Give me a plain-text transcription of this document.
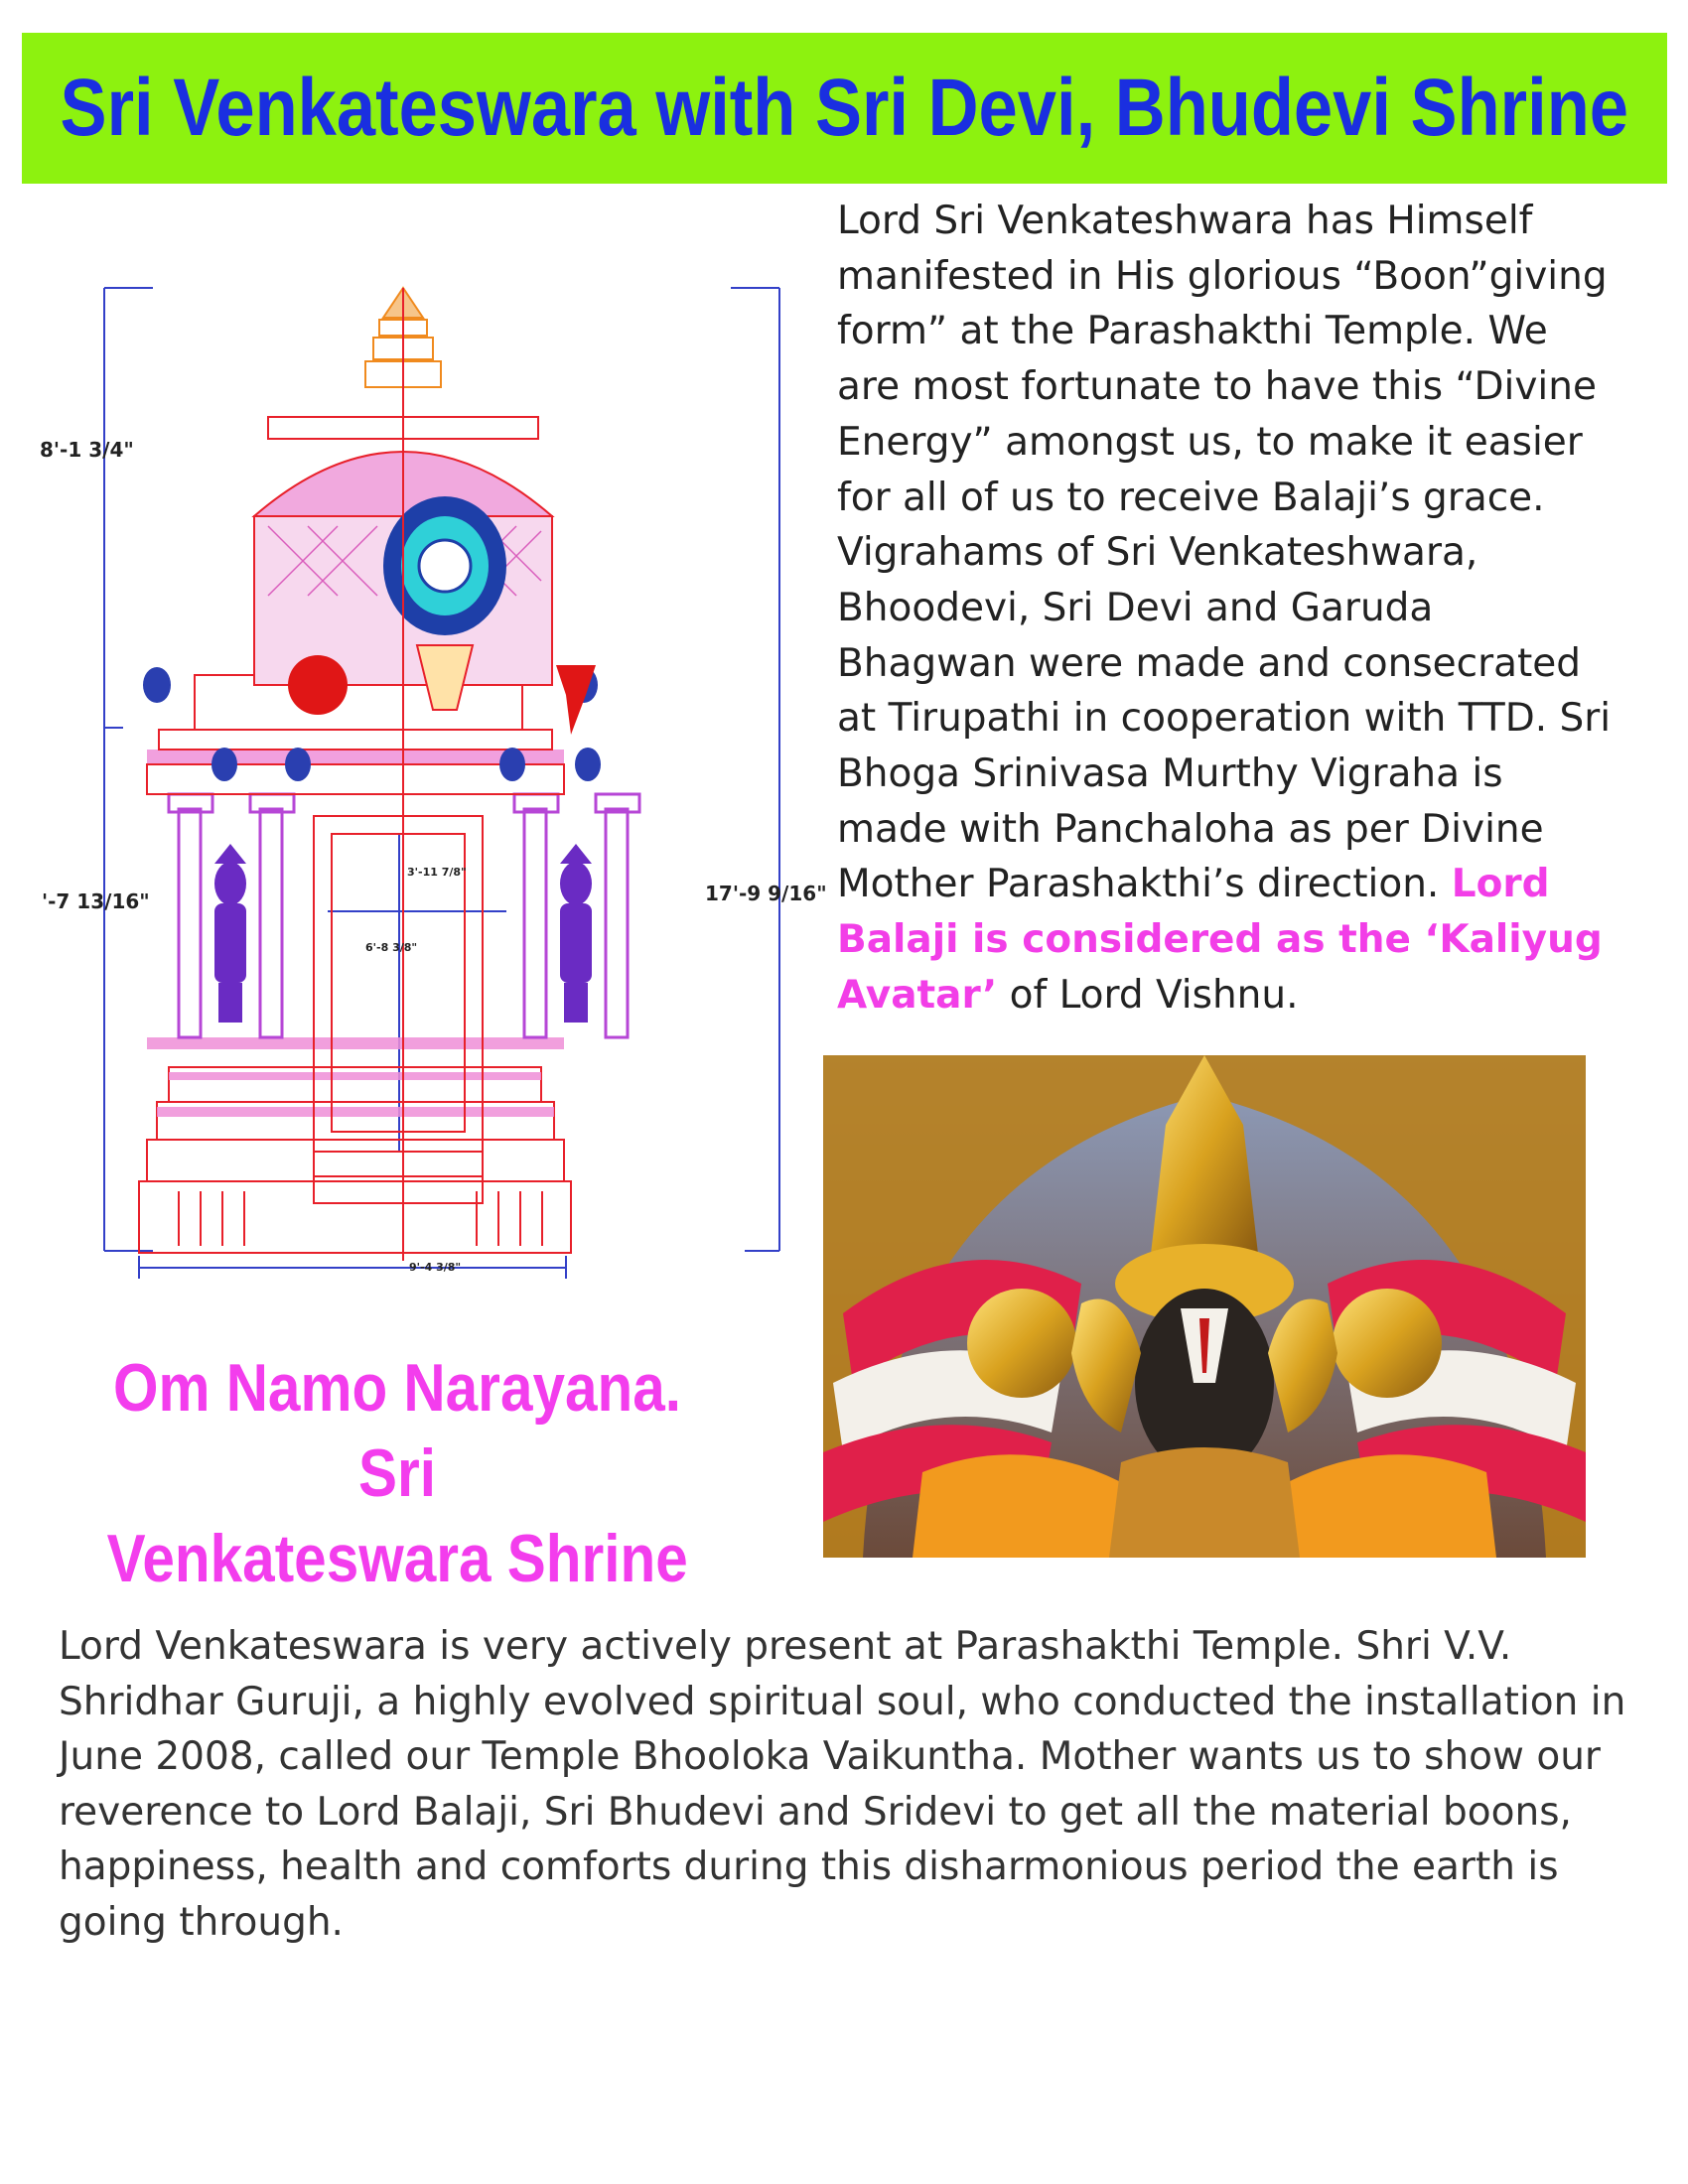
Sri Venkateswara with Sri Devi, Bhudevi Shrine
8'-1 3/4"
'-7 13/16"	17'-9 9/16"
3'-11 7/8"
6'-8 3/8"
9'-4 3/8"
Lord Sri Venkateshwara has Himself manifested in His glorious “Boon”giving form” at the Parashakthi Temple. We are most fortunate to have this “Divine Energy” amongst us, to make it easier for all of us to receive Balaji’s grace. Vigrahams of Sri Venkateshwara, Bhoodevi, Sri Devi and Garuda Bhagwan were made and consecrated at Tirupathi in cooperation with TTD. Sri Bhoga Srinivasa Murthy Vigraha is made with Panchaloha as per Divine Mother Parashakthi’s direction. Lord Balaji is considered as the ‘Kaliyug Avatar’ of Lord Vishnu.
Om Namo Narayana. Sri
Venkateswara Shrine
Lord Venkateswara is very actively present at Parashakthi Temple. Shri V.V. Shridhar Guruji, a highly evolved spiritual soul, who conducted the installation in June 2008, called our Temple Bhooloka Vaikuntha. Mother wants us to show our reverence to Lord Balaji, Sri Bhudevi and Sridevi to get all the material boons, happiness, health and comforts during this disharmonious period the earth is going through.
